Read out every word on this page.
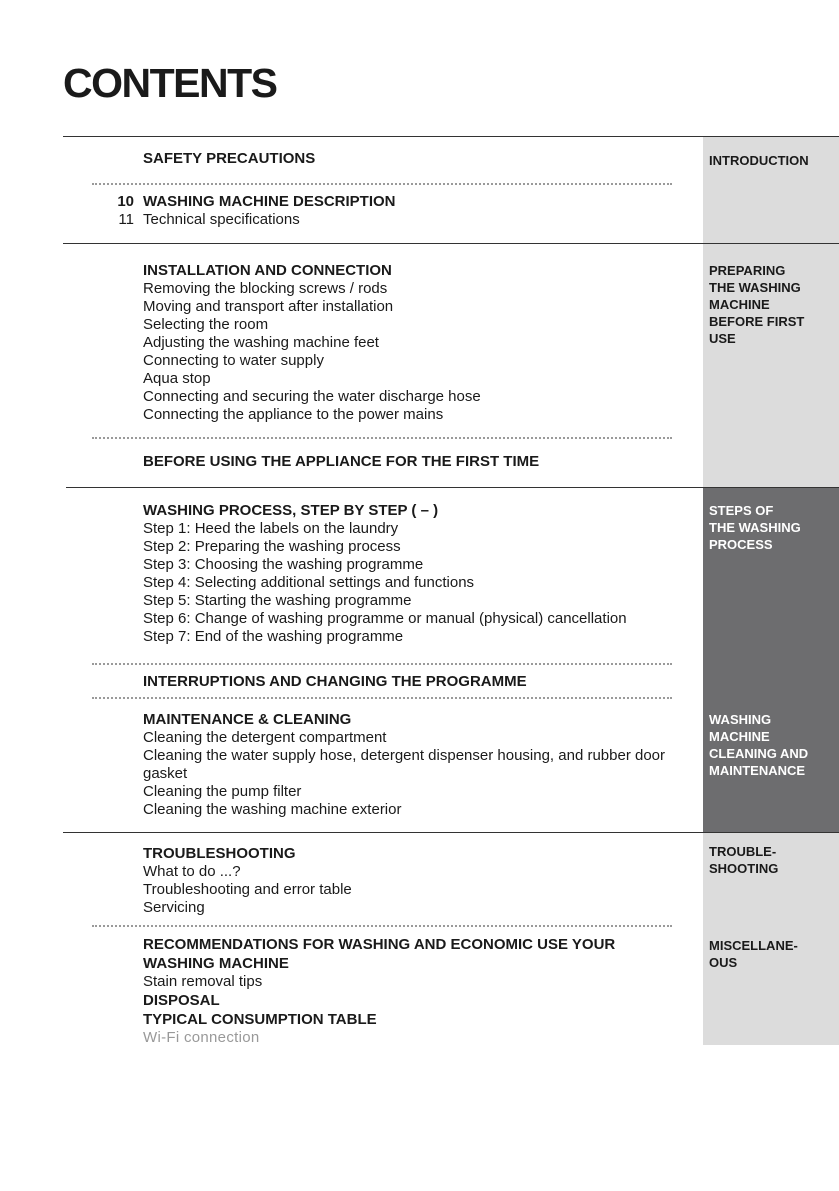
CONTENTS
INTRODUCTION
PREPARING
THE WASHING
MACHINE
BEFORE FIRST
USE
STEPS OF
THE WASHING
PROCESS
WASHING
MACHINE
CLEANING AND
MAINTENANCE
TROUBLE-
SHOOTING
MISCELLANE-
OUS
SAFETY PRECAUTIONS
10 WASHING MACHINE DESCRIPTION
11 Technical specifications
INSTALLATION AND CONNECTION
Removing the blocking screws / rods
Moving and transport after installation
Selecting the room
Adjusting the washing machine feet
Connecting to water supply
Aqua stop
Connecting and securing the water discharge hose
Connecting the appliance to the power mains
BEFORE USING THE APPLIANCE FOR THE FIRST TIME
WASHING PROCESS, STEP BY STEP ( – )
Step 1: Heed the labels on the laundry
Step 2: Preparing the washing process
Step 3: Choosing the washing programme
Step 4: Selecting additional settings and functions
Step 5: Starting the washing programme
Step 6: Change of washing programme or manual (physical) cancellation
Step 7: End of the washing programme
INTERRUPTIONS AND CHANGING THE PROGRAMME
MAINTENANCE & CLEANING
Cleaning the detergent compartment
Cleaning the water supply hose, detergent dispenser housing, and rubber door gasket
Cleaning the pump filter
Cleaning the washing machine exterior
TROUBLESHOOTING
What to do ...?
Troubleshooting and error table
Servicing
RECOMMENDATIONS FOR WASHING AND ECONOMIC USE YOUR WASHING MACHINE
Stain removal tips
DISPOSAL
TYPICAL CONSUMPTION TABLE
Wi-Fi connection
